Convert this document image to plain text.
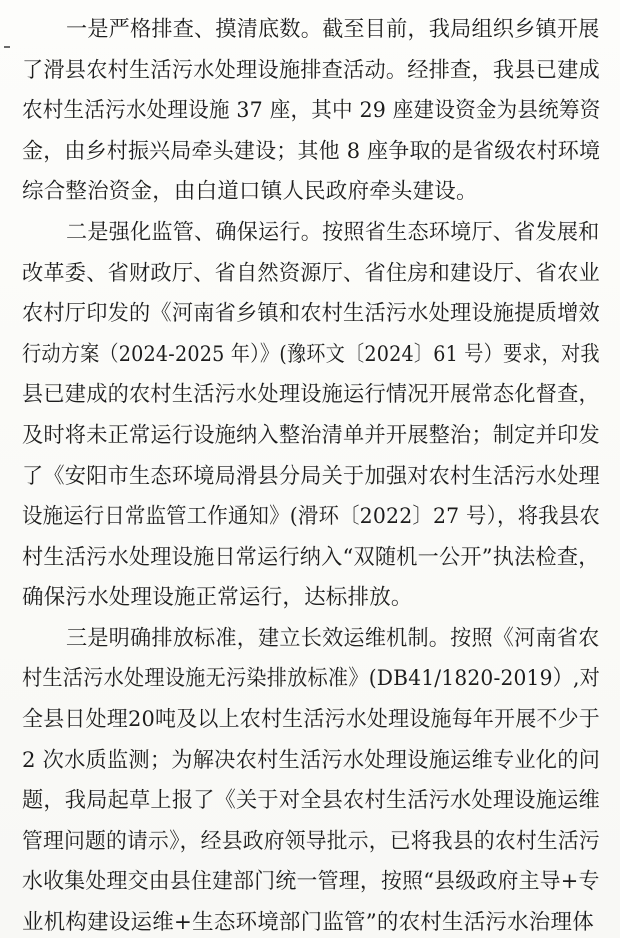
一是严格排查、摸清底数。截至目前，我局组织乡镇开展
了滑县农村生活污水处理设施排查活动。经排查，我县已建成
农村生活污水处理设施 37 座，其中 29 座建设资金为县统筹资
金，由乡村振兴局牵头建设；其他 8 座争取的是省级农村环境
综合整治资金，由白道口镇人民政府牵头建设。
二是强化监管、确保运行。按照省生态环境厅、省发展和
改革委、省财政厅、省自然资源厅、省住房和建设厅、省农业
农村厅印发的《河南省乡镇和农村生活污水处理设施提质增效
行动方案（2024-2025 年）》(豫环文〔2024〕61 号）要求，对我
县已建成的农村生活污水处理设施运行情况开展常态化督查，
及时将未正常运行设施纳入整治清单并开展整治；制定并印发
了《安阳市生态环境局滑县分局关于加强对农村生活污水处理
设施运行日常监管工作通知》(滑环〔2022〕27 号），将我县农
村生活污水处理设施日常运行纳入“双随机一公开”执法检查，
确保污水处理设施正常运行，达标排放。
三是明确排放标准，建立长效运维机制。按照《河南省农
村生活污水处理设施无污染排放标准》(DB41/1820-2019）,对
全县日处理20吨及以上农村生活污水处理设施每年开展不少于
2 次水质监测；为解决农村生活污水处理设施运维专业化的问
题，我局起草上报了《关于对全县农村生活污水处理设施运维
管理问题的请示》，经县政府领导批示，已将我县的农村生活污
水收集处理交由县住建部门统一管理，按照“县级政府主导+专
业机构建设运维+生态环境部门监管”的农村生活污水治理体
